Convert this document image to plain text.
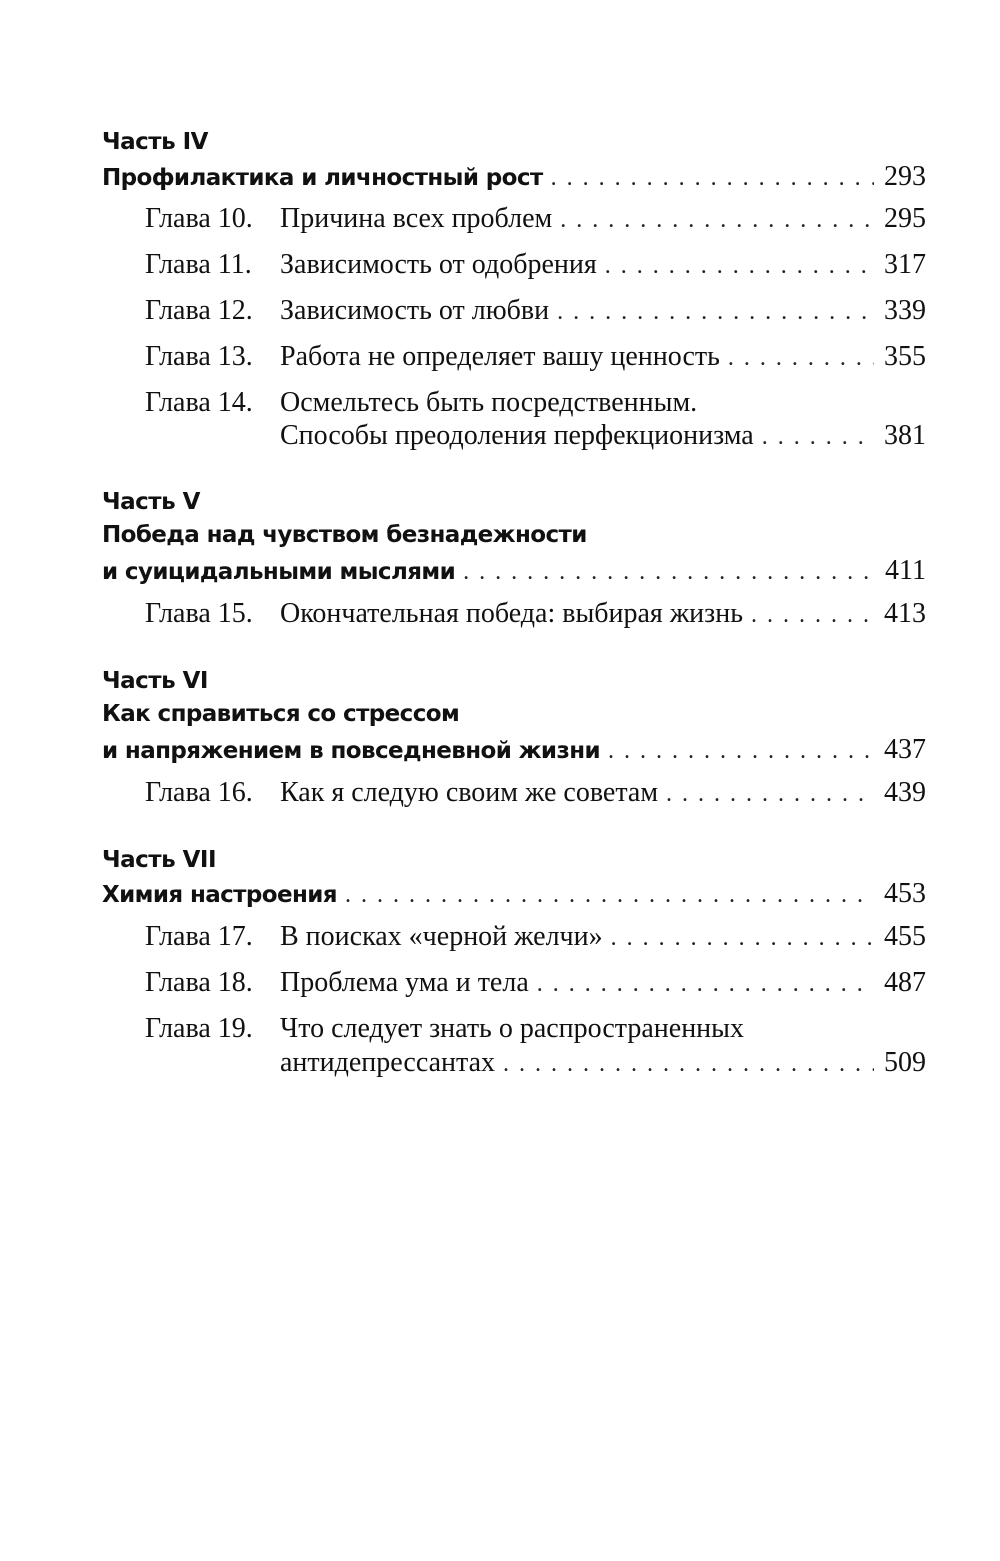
Часть IV
Профилактика и личностный рост . . .	293
Глава 10. Причина всех проблем . . .	295
Глава 11.	Зависимость от одобрения . . .	317
Глава 12. Зависимость от любви . . .	339
Глава 13. Работа не определяет вашу ценность . . .	355
Глава 14. Осмельтесь быть посредственным.
Способы преодоления перфекционизма . . .	381
Часть V
Победа над чувством безнадежности
и суицидальными мыслями . . .	411
Глава 15. Окончательная победа: выбирая жизнь . . .	413
Часть VI
Как справиться со стрессом
и напряжением в повседневной жизни . . .	437
Глава 16. Как я следую своим же советам . . .	439
Часть VII
Химия настроения . . .	453
Глава 17. В поисках «черной желчи» . . .	455
Глава 18. Проблема ума и тела . . .	487
Глава 19. Что следует знать о распространенных
антидепрессантах . . .	509
